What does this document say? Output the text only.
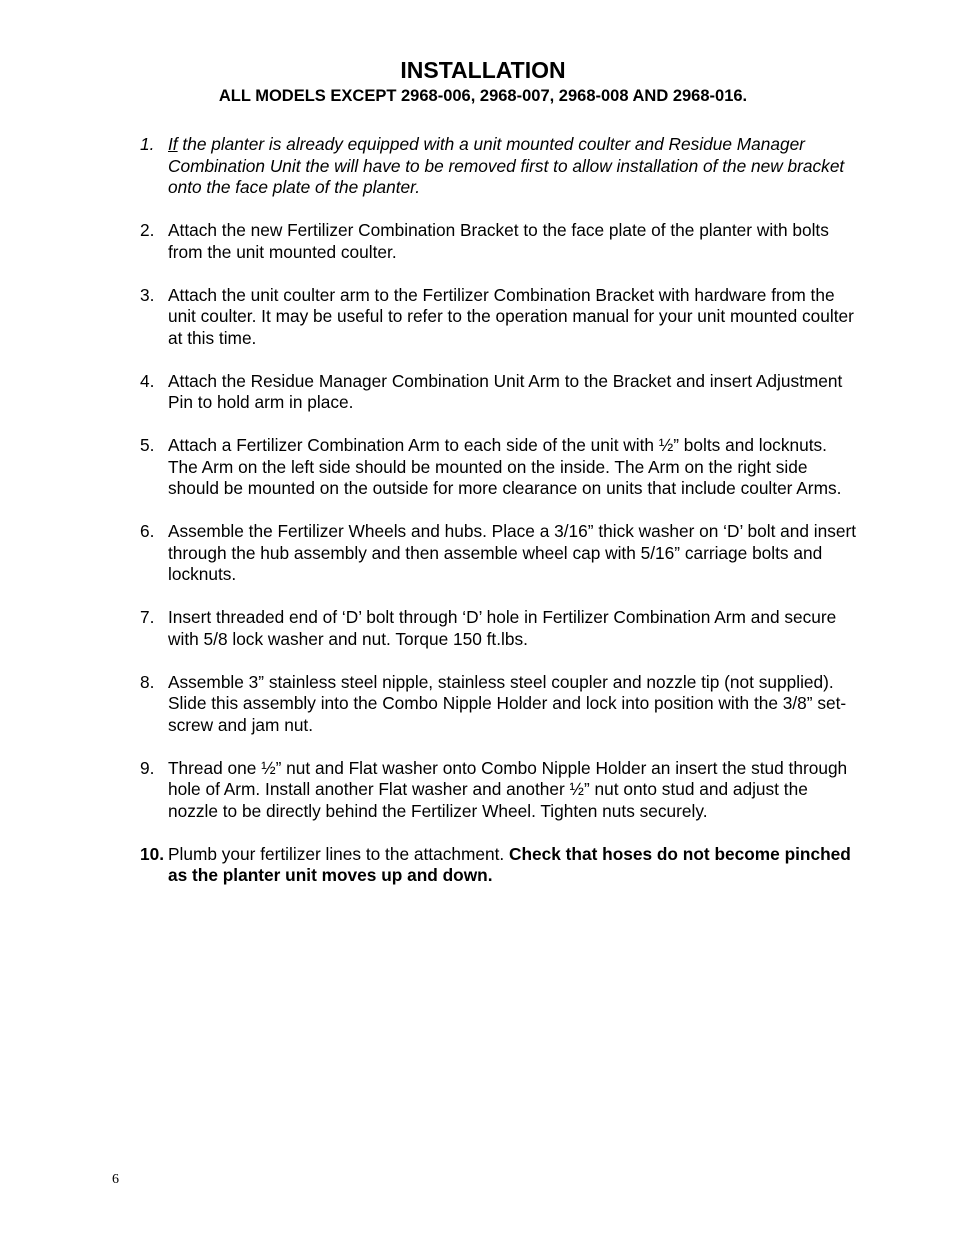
INSTALLATION
ALL MODELS EXCEPT 2968-006, 2968-007, 2968-008 AND 2968-016.
1. If the planter is already equipped with a unit mounted coulter and Residue Manager Combination Unit the will have to be removed first to allow installation of the new bracket onto the face plate of the planter.
2. Attach the new Fertilizer Combination Bracket to the face plate of the planter with bolts from the unit mounted coulter.
3. Attach the unit coulter arm to the Fertilizer Combination Bracket with hardware from the unit coulter. It may be useful to refer to the operation manual for your unit mounted coulter at this time.
4. Attach the Residue Manager Combination Unit Arm to the Bracket and insert Adjustment Pin to hold arm in place.
5. Attach a Fertilizer Combination Arm to each side of the unit with ½” bolts and locknuts. The Arm on the left side should be mounted on the inside. The Arm on the right side should be mounted on the outside for more clearance on units that include coulter Arms.
6. Assemble the Fertilizer Wheels and hubs. Place a 3/16” thick washer on ‘D’ bolt and insert through the hub assembly and then assemble wheel cap with 5/16” carriage bolts and locknuts.
7. Insert threaded end of ‘D’ bolt through ‘D’ hole in Fertilizer Combination Arm and secure with 5/8 lock washer and nut. Torque 150 ft.lbs.
8. Assemble 3” stainless steel nipple, stainless steel coupler and nozzle tip (not supplied). Slide this assembly into the Combo Nipple Holder and lock into position with the 3/8” set-screw and jam nut.
9. Thread one ½” nut and Flat washer onto Combo Nipple Holder an insert the stud through hole of Arm. Install another Flat washer and another ½” nut onto stud and adjust the nozzle to be directly behind the Fertilizer Wheel. Tighten nuts securely.
10. Plumb your fertilizer lines to the attachment. Check that hoses do not become pinched as the planter unit moves up and down.
6
